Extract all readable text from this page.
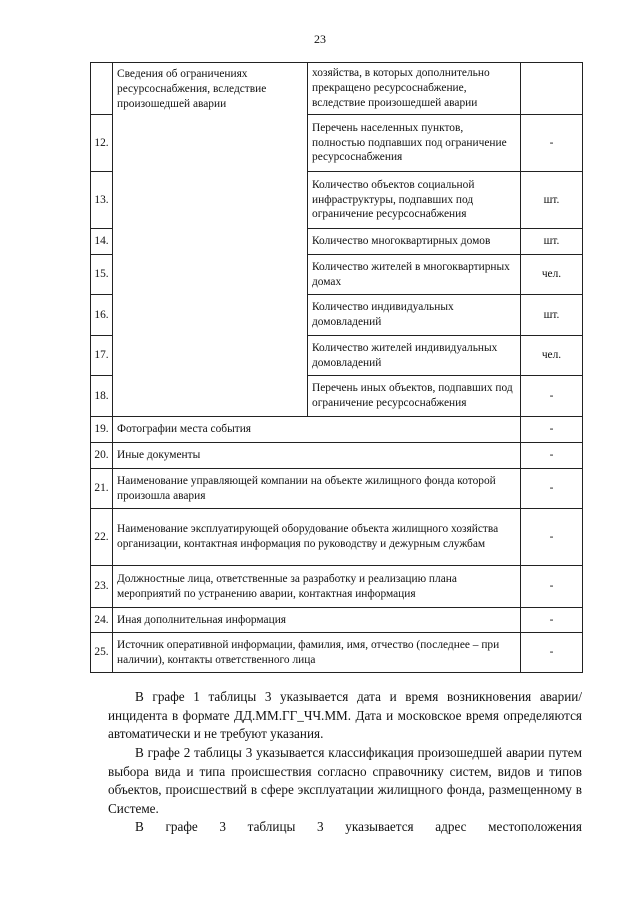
23
	Сведения об ограничениях ресурсоснабжения, вследствие произошедшей аварии	хозяйства, в которых дополнительно прекращено ресурсоснабжение, вследствие произошедшей аварии	
12.		Перечень населенных пунктов, полностью подпавших под ограничение ресурсоснабжения	-
13.		Количество объектов социальной инфраструктуры, подпавших под ограничение ресурсоснабжения	шт.
14.		Количество многоквартирных домов	шт.
15.		Количество жителей в многоквартирных домах	чел.
16.		Количество индивидуальных домовладений	шт.
17.		Количество жителей индивидуальных домовладений	чел.
18.		Перечень иных объектов, подпавших под ограничение ресурсоснабжения	-
19.	Фотографии места события		-
20.	Иные документы		-
21.	Наименование управляющей компании на объекте жилищного фонда которой произошла авария		-
22.	Наименование эксплуатирующей оборудование объекта жилищного хозяйства организации, контактная информация по руководству и дежурным службам		-
23.	Должностные лица, ответственные за разработку и реализацию плана мероприятий по устранению аварии, контактная информация		-
24.	Иная дополнительная информация		-
25.	Источник оперативной информации, фамилия, имя, отчество (последнее – при наличии), контакты ответственного лица		-
В графе 1 таблицы 3 указывается дата и время возникновения аварии/инцидента в формате ДД.ММ.ГГ_ЧЧ.ММ. Дата и московское время определяются автоматически и не требуют указания.
В графе 2 таблицы 3 указывается классификация произошедшей аварии путем выбора вида и типа происшествия согласно справочнику систем, видов и типов объектов, происшествий в сфере эксплуатации жилищного фонда, размещенному в Системе.
В графе 3 таблицы 3 указывается адрес местоположения
